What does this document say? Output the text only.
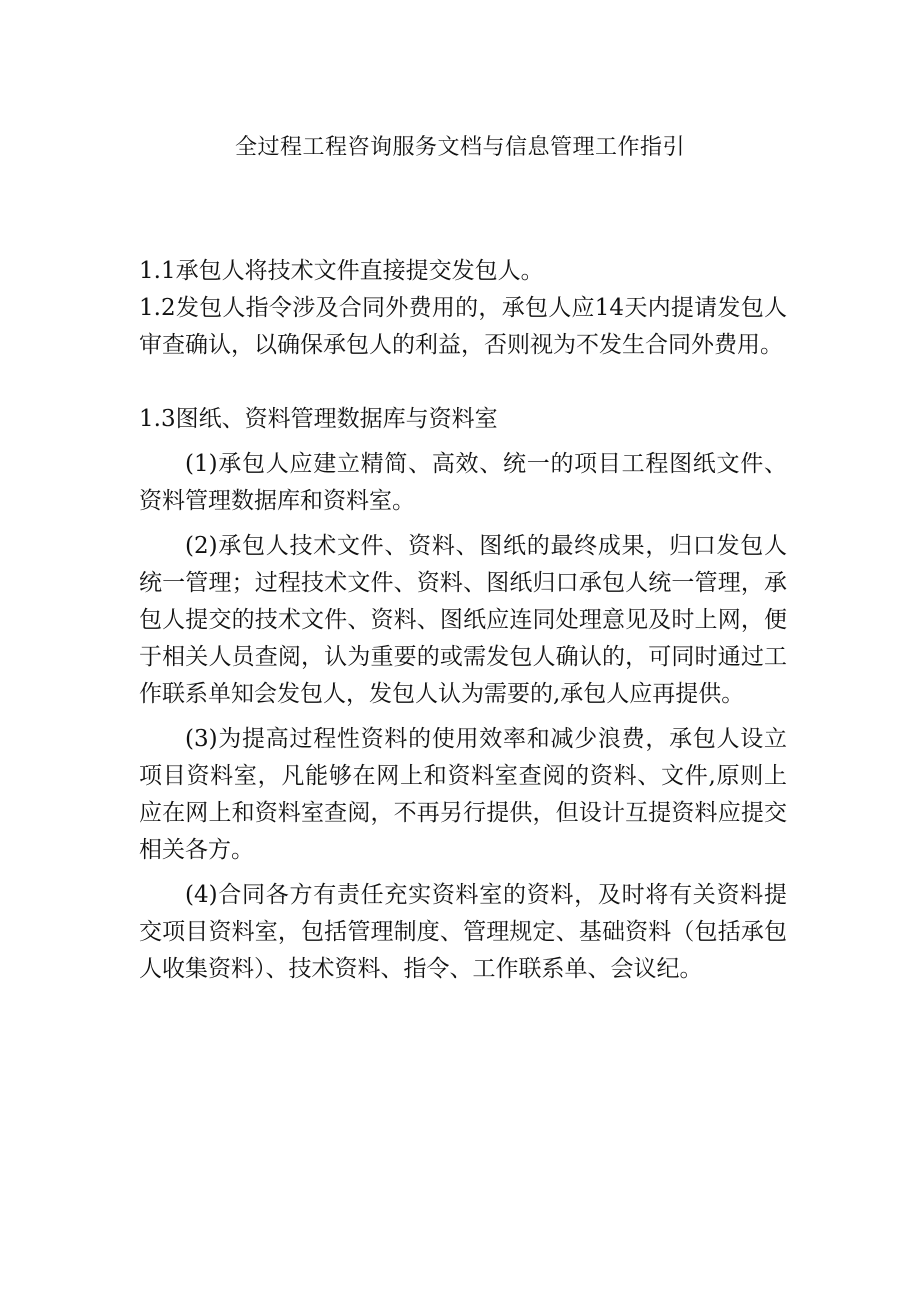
全过程工程咨询服务文档与信息管理工作指引

1.1承包人将技术文件直接提交发包人。

1.2发包人指令涉及合同外费用的，承包人应14天内提请发包人审查确认，以确保承包人的利益，否则视为不发生合同外费用。

1.3图纸、资料管理数据库与资料室

(1)承包人应建立精简、高效、统一的项目工程图纸文件、资料管理数据库和资料室。

(2)承包人技术文件、资料、图纸的最终成果，归口发包人统一管理；过程技术文件、资料、图纸归口承包人统一管理，承包人提交的技术文件、资料、图纸应连同处理意见及时上网，便于相关人员查阅，认为重要的或需发包人确认的，可同时通过工作联系单知会发包人，发包人认为需要的,承包人应再提供。

(3)为提高过程性资料的使用效率和减少浪费，承包人设立项目资料室，凡能够在网上和资料室查阅的资料、文件,原则上应在网上和资料室查阅，不再另行提供，但设计互提资料应提交相关各方。

(4)合同各方有责任充实资料室的资料，及时将有关资料提交项目资料室，包括管理制度、管理规定、基础资料（包括承包人收集资料）、技术资料、指令、工作联系单、会议纪。
